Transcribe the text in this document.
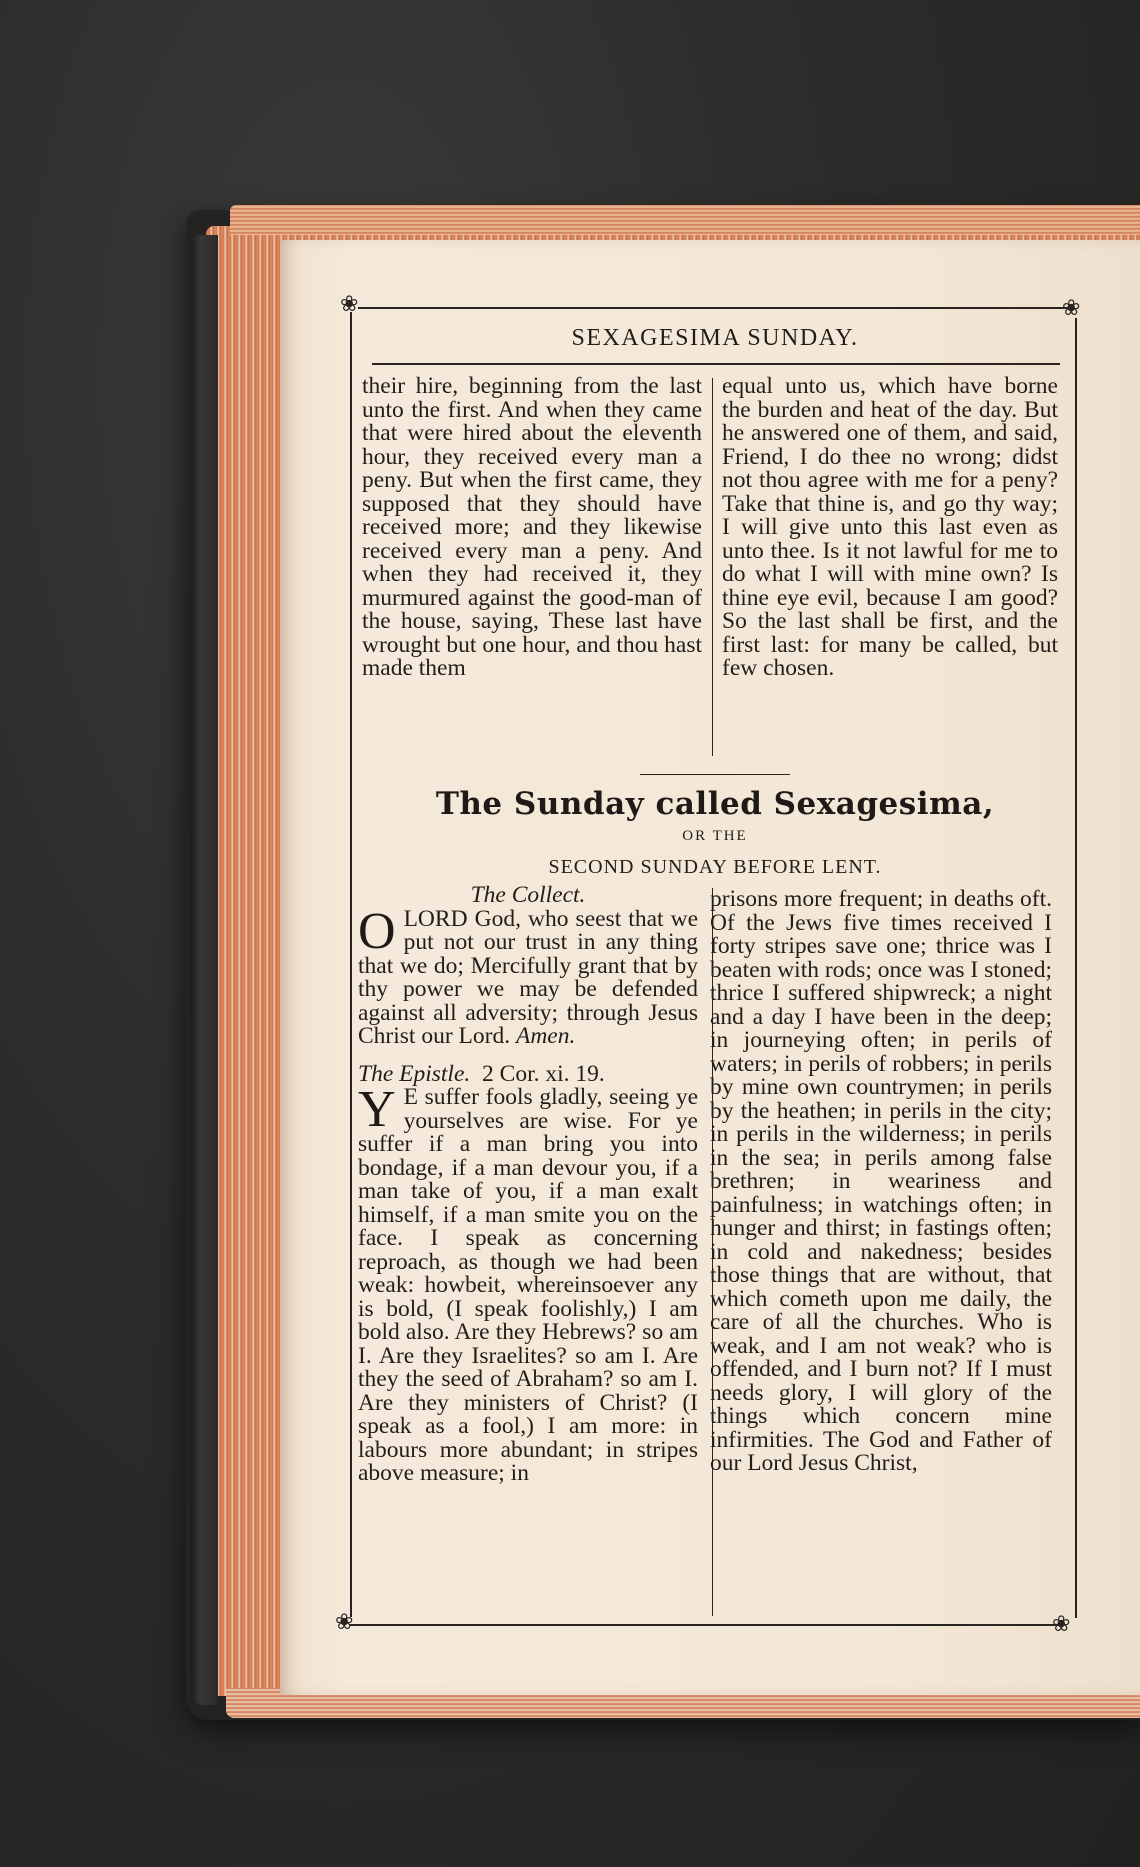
❀	❀
❀	❀
SEXAGESIMA SUNDAY.

their hire, beginning from the last unto the first. And when they came that were hired about the eleventh hour, they received every man a peny. But when the first came, they supposed that they should have received more; and they likewise received every man a peny. And when they had received it, they murmured against the good-man of the house, saying, These last have wrought but one hour, and thou hast made them

equal unto us, which have borne the burden and heat of the day. But he answered one of them, and said, Friend, I do thee no wrong; didst not thou agree with me for a peny? Take that thine is, and go thy way; I will give unto this last even as unto thee. Is it not lawful for me to do what I will with mine own? Is thine eye evil, because I am good? So the last shall be first, and the first last: for many be called, but few chosen.

The Sunday called Sexagesima,
OR THE
SECOND SUNDAY BEFORE LENT.
The Collect.

OLORD God, who seest that we put not our trust in any thing that we do; Mercifully grant that by thy power we may be defended against all adversity; through Jesus Christ our Lord. Amen.

The Epistle. 2 Cor. xi. 19.

Y E suffer fools gladly, seeing ye yourselves are wise. For ye suffer if a man bring you into bondage, if a man devour you, if a man take of you, if a man exalt himself, if a man smite you on the face. I speak as concerning reproach, as though we had been weak: howbeit, whereinsoever any is bold, (I speak foolishly,) I am bold also. Are they Hebrews? so am I. Are they Israelites? so am I. Are they the seed of Abraham? so am I. Are they ministers of Christ? (I speak as a fool,) I am more: in labours more abundant; in stripes above measure; in

prisons more frequent; in deaths oft. Of the Jews five times received I forty stripes save one; thrice was I beaten with rods; once was I stoned; thrice I suffered shipwreck; a night and a day I have been in the deep; in journeying often; in perils of waters; in perils of robbers; in perils by mine own countrymen; in perils by the heathen; in perils in the city; in perils in the wilderness; in perils in the sea; in perils among false brethren; in weariness and painfulness; in watchings often; in hunger and thirst; in fastings often; in cold and nakedness; besides those things that are without, that which cometh upon me daily, the care of all the churches. Who is weak, and I am not weak? who is offended, and I burn not? If I must needs glory, I will glory of the things which concern mine infirmities. The God and Father of our Lord Jesus Christ,
